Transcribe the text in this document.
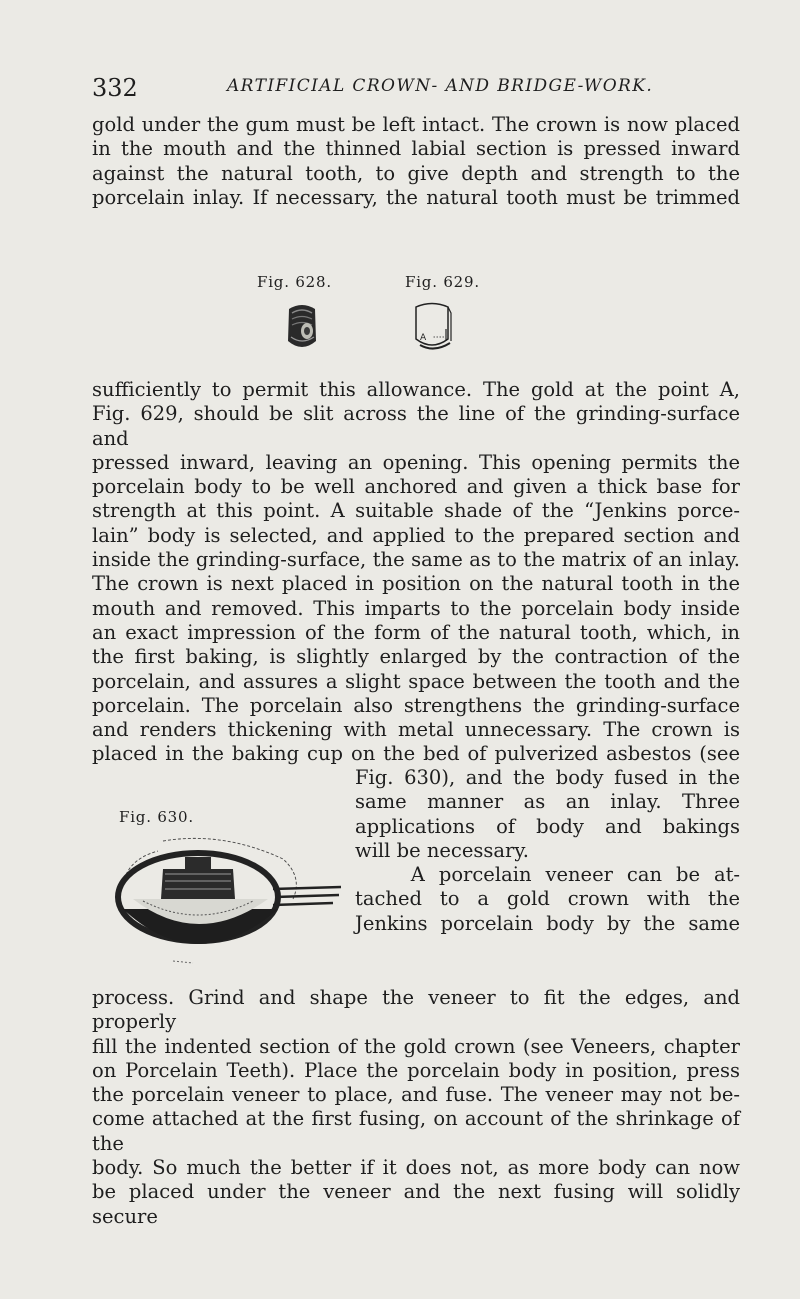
332	ARTIFICIAL CROWN- AND BRIDGE-WORK.

gold under the gum must be left intact. The crown is now placed

in the mouth and the thinned labial section is pressed inward

against the natural tooth, to give depth and strength to the

porcelain inlay. If necessary, the natural tooth must be trimmed

Fig. 628.	Fig. 629.
A

sufficiently to permit this allowance. The gold at the point A,

Fig. 629, should be slit across the line of the grinding-surface and

pressed inward, leaving an opening. This opening permits the

porcelain body to be well anchored and given a thick base for

strength at this point. A suitable shade of the “Jenkins porce-

lain” body is selected, and applied to the prepared section and

inside the grinding-surface, the same as to the matrix of an inlay.

The crown is next placed in position on the natural tooth in the

mouth and removed. This imparts to the porcelain body inside

an exact impression of the form of the natural tooth, which, in

the first baking, is slightly enlarged by the contraction of the

porcelain, and assures a slight space between the tooth and the

porcelain. The porcelain also strengthens the grinding-surface

and renders thickening with metal unnecessary. The crown is

placed in the baking cup on the bed of pulverized asbestos (see

Fig. 630.

Fig. 630), and the body fused in the

same manner as an inlay. Three

applications of body and bakings

will be necessary.

A porcelain veneer can be at-

tached to a gold crown with the

Jenkins porcelain body by the same

process. Grind and shape the veneer to fit the edges, and properly

fill the indented section of the gold crown (see Veneers, chapter

on Porcelain Teeth). Place the porcelain body in position, press

the porcelain veneer to place, and fuse. The veneer may not be-

come attached at the first fusing, on account of the shrinkage of the

body. So much the better if it does not, as more body can now

be placed under the veneer and the next fusing will solidly secure
